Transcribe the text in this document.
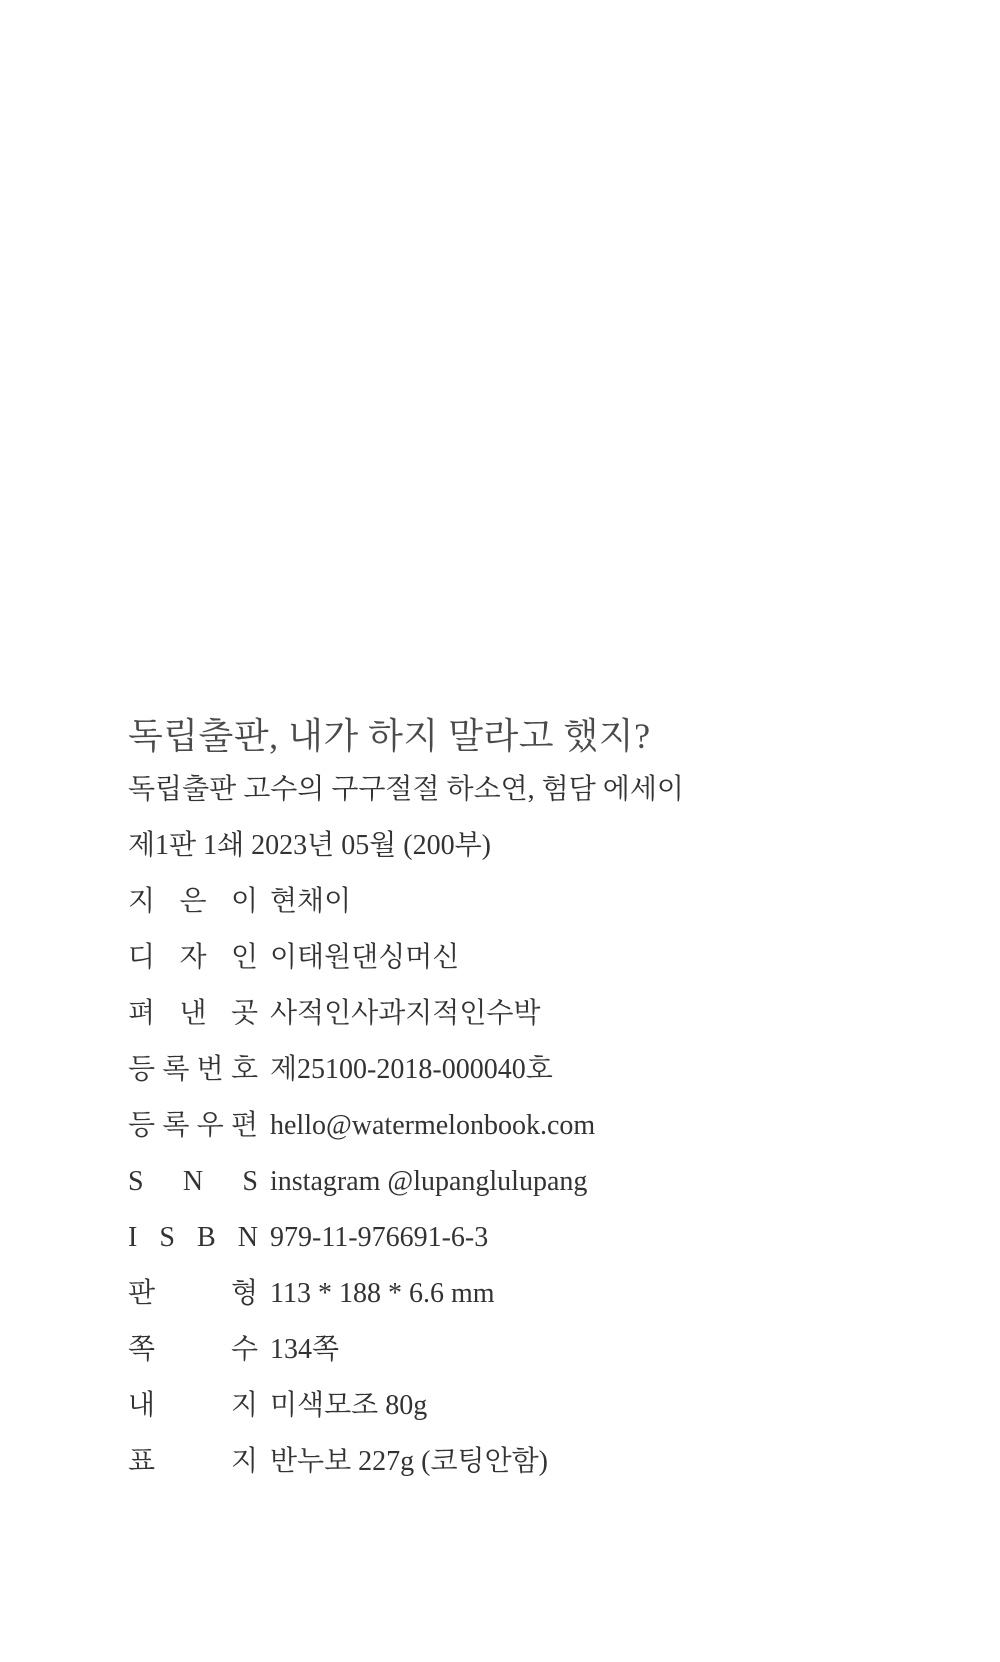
독립출판, 내가 하지 말라고 했지?
독립출판 고수의 구구절절 하소연, 험담 에세이
제1판 1쇄 2023년 05월 (200부)
지 은 이 현채이
디 자 인 이태원댄싱머신
펴 낸 곳 사적인사과지적인수박
등 록 번 호 제25100-2018-000040호
등 록 우 편 hello@watermelonbook.com
S N S instagram @lupanglulupang
I S B N 979-11-976691-6-3
판	형 113 * 188 * 6.6 mm
쪽	수 134쪽
내	지 미색모조 80g
표	지 반누보 227g (코팅안함)
